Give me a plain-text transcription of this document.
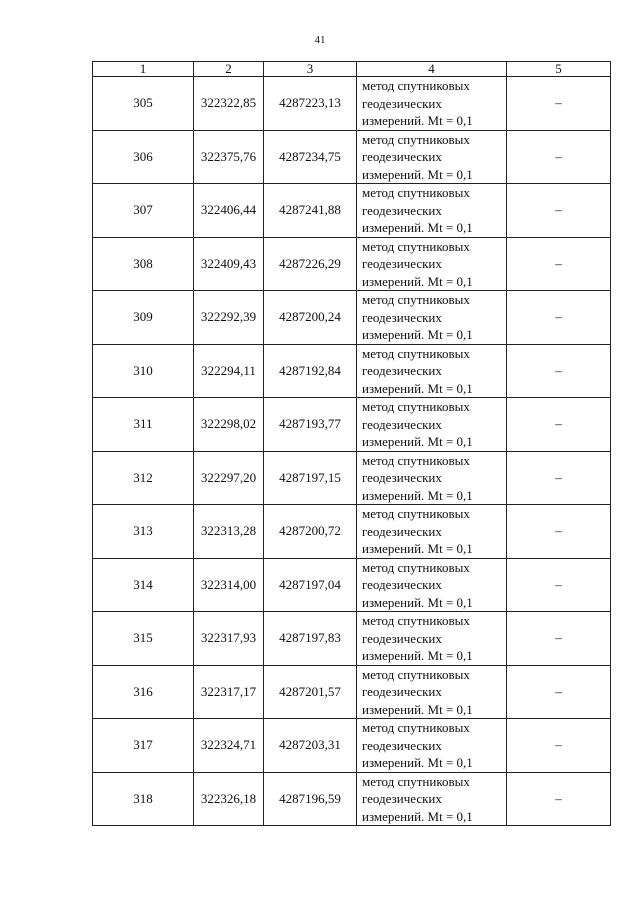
41
1	2	3	4	5
305	322322,85	4287223,13	метод спутниковых
геодезических
измерений. Mt = 0,1	–
306	322375,76	4287234,75	метод спутниковых
геодезических
измерений. Mt = 0,1	–
307	322406,44	4287241,88	метод спутниковых
геодезических
измерений. Mt = 0,1	–
308	322409,43	4287226,29	метод спутниковых
геодезических
измерений. Mt = 0,1	–
309	322292,39	4287200,24	метод спутниковых
геодезических
измерений. Mt = 0,1	–
310	322294,11	4287192,84	метод спутниковых
геодезических
измерений. Mt = 0,1	–
311	322298,02	4287193,77	метод спутниковых
геодезических
измерений. Mt = 0,1	–
312	322297,20	4287197,15	метод спутниковых
геодезических
измерений. Mt = 0,1	–
313	322313,28	4287200,72	метод спутниковых
геодезических
измерений. Mt = 0,1	–
314	322314,00	4287197,04	метод спутниковых
геодезических
измерений. Mt = 0,1	–
315	322317,93	4287197,83	метод спутниковых
геодезических
измерений. Mt = 0,1	–
316	322317,17	4287201,57	метод спутниковых
геодезических
измерений. Mt = 0,1	–
317	322324,71	4287203,31	метод спутниковых
геодезических
измерений. Mt = 0,1	–
318	322326,18	4287196,59	метод спутниковых
геодезических
измерений. Mt = 0,1	–
